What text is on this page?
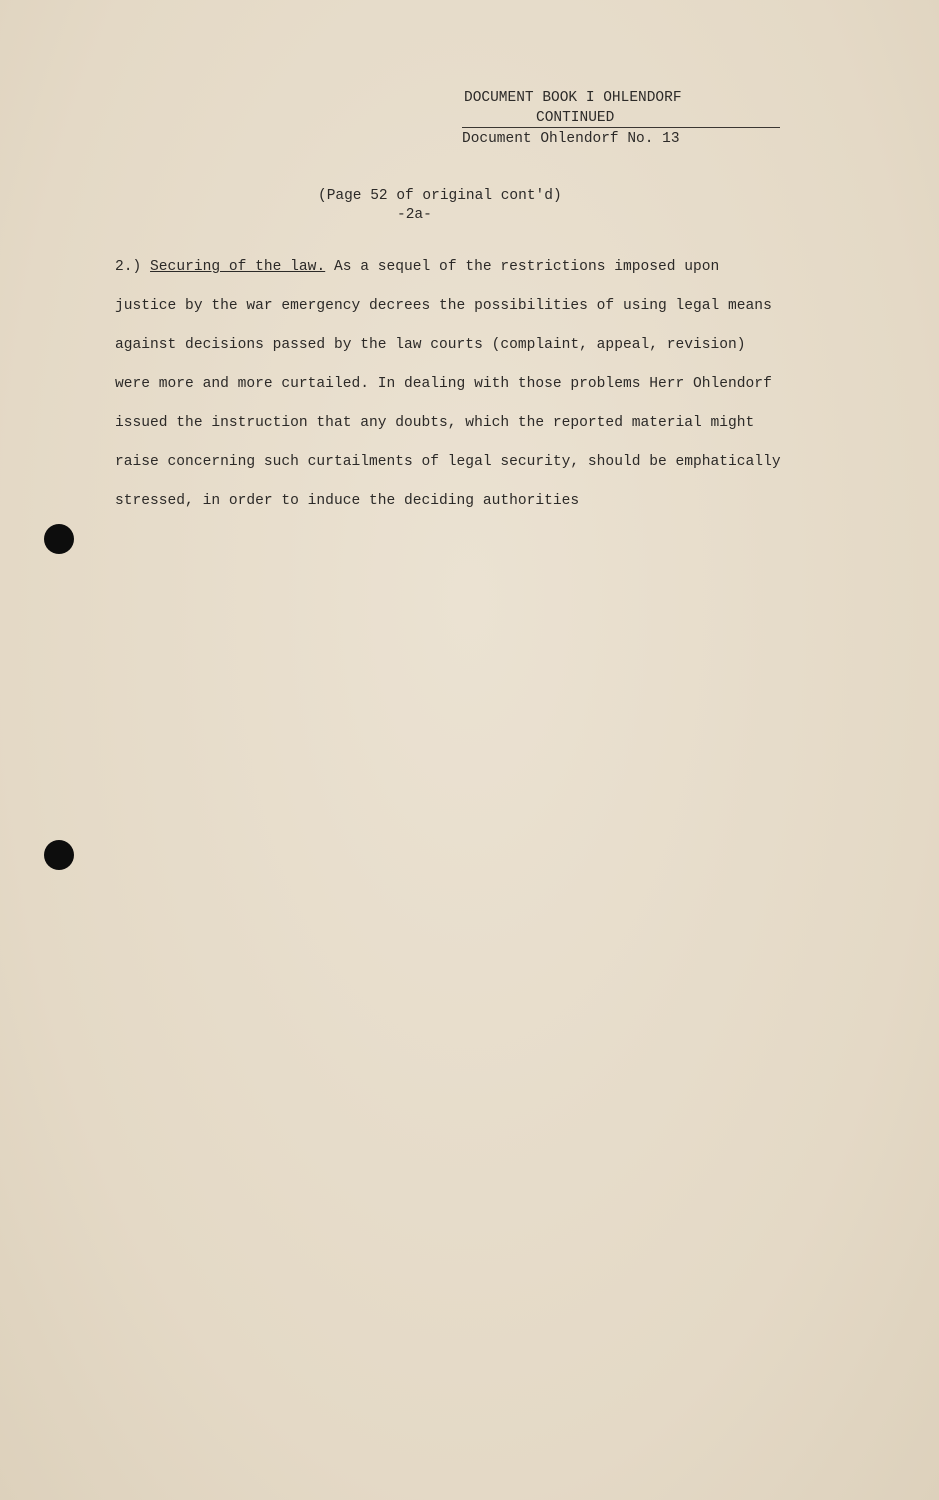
DOCUMENT BOOK I OHLENDORF
CONTINUED
Document Ohlendorf No. 13
(Page 52 of original cont'd)
-2a-
2.) Securing of the law. As a sequel of the restrictions imposed upon
justice by the war emergency decrees the possibilities of using legal means
against decisions passed by the law courts (complaint, appeal, revision)
were more and more curtailed. In dealing with those problems Herr Ohlendorf
issued the instruction that any doubts, which the reported material might
raise concerning such curtailments of legal security, should be emphatically
stressed, in order to induce the deciding authorities
